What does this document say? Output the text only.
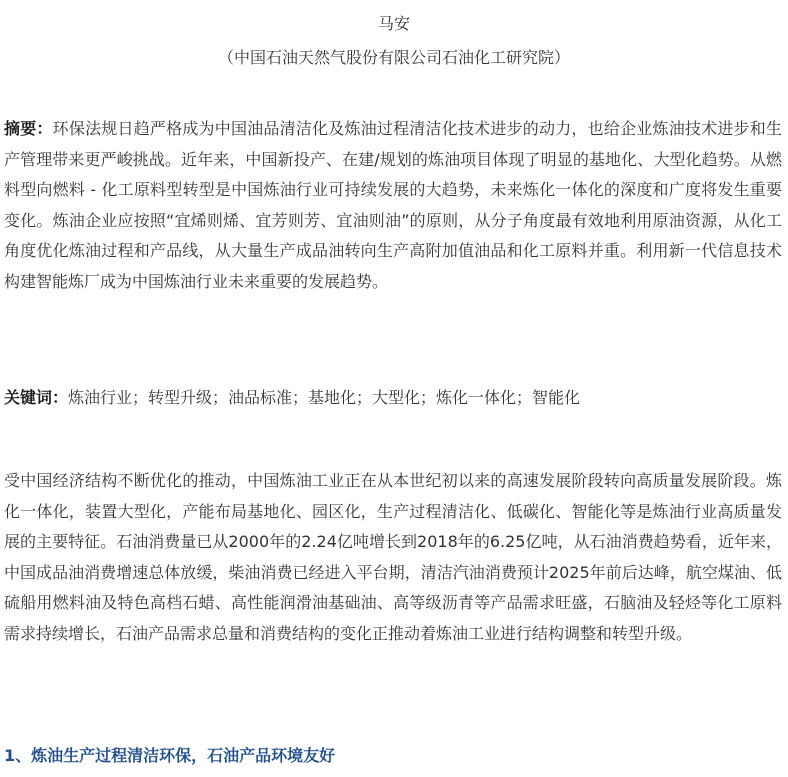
马安
（中国石油天然气股份有限公司石油化工研究院）

摘要：环保法规日趋严格成为中国油品清洁化及炼油过程清洁化技术进步的动力，也给企业炼油技术进步和生产管理带来更严峻挑战。近年来，中国新投产、在建/规划的炼油项目体现了明显的基地化、大型化趋势。从燃料型向燃料 - 化工原料型转型是中国炼油行业可持续发展的大趋势，未来炼化一体化的深度和广度将发生重要变化。炼油企业应按照“宜烯则烯、宜芳则芳、宜油则油”的原则，从分子角度最有效地利用原油资源，从化工角度优化炼油过程和产品线，从大量生产成品油转向生产高附加值油品和化工原料并重。利用新一代信息技术构建智能炼厂成为中国炼油行业未来重要的发展趋势。

关键词：炼油行业；转型升级；油品标准；基地化；大型化；炼化一体化；智能化

受中国经济结构不断优化的推动，中国炼油工业正在从本世纪初以来的高速发展阶段转向高质量发展阶段。炼化一体化，装置大型化，产能布局基地化、园区化，生产过程清洁化、低碳化、智能化等是炼油行业高质量发展的主要特征。石油消费量已从2000年的2.24亿吨增长到2018年的6.25亿吨，从石油消费趋势看，近年来，中国成品油消费增速总体放缓，柴油消费已经进入平台期，清洁汽油消费预计2025年前后达峰，航空煤油、低硫船用燃料油及特色高档石蜡、高性能润滑油基础油、高等级沥青等产品需求旺盛，石脑油及轻烃等化工原料需求持续增长，石油产品需求总量和消费结构的变化正推动着炼油工业进行结构调整和转型升级。

1、炼油生产过程清洁环保，石油产品环境友好
